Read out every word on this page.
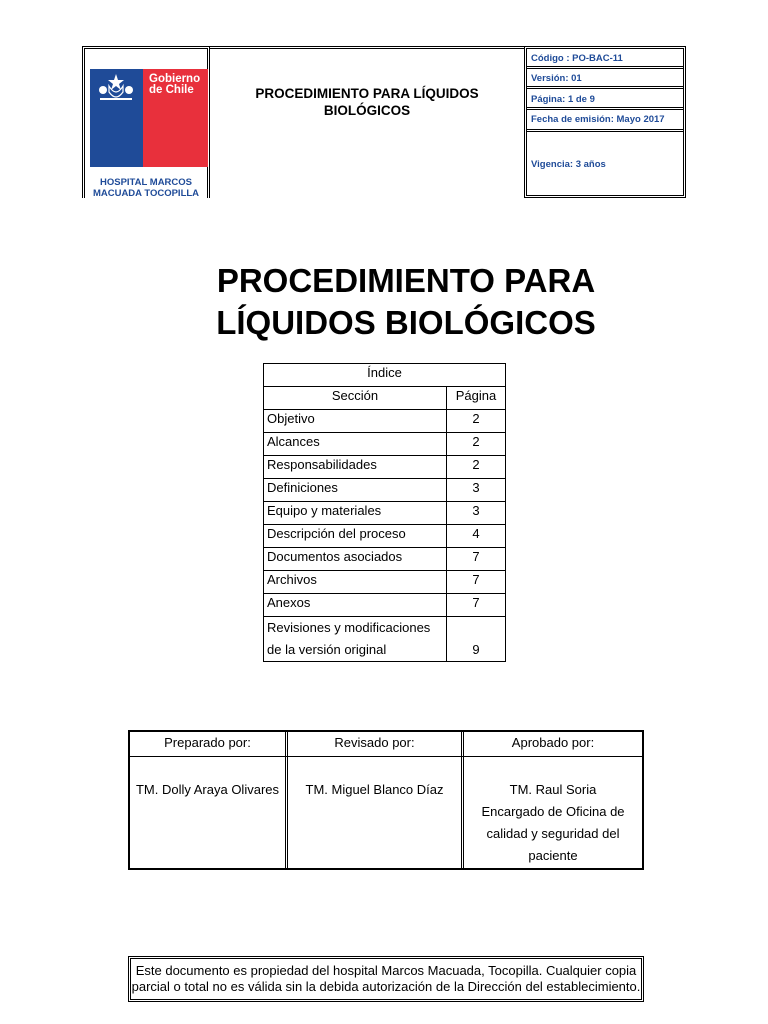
Gobierno
de Chile
HOSPITAL MARCOS
MACUADA TOCOPILLA
PROCEDIMIENTO PARA LÍQUIDOS
BIOLÓGICOS
Código : PO-BAC-11
Versión: 01
Página: 1 de 9
Fecha de emisión: Mayo 2017
Vigencia: 3 años
PROCEDIMIENTO PARA
LÍQUIDOS BIOLÓGICOS
Índice	
Sección	Página
Objetivo	2
Alcances	2
Responsabilidades	2
Definiciones	3
Equipo y materiales	3
Descripción del proceso	4
Documentos asociados	7
Archivos	7
Anexos	7

Revisiones y modificaciones
de la versión original	9
Preparado por:
TM. Dolly Araya Olivares
Revisado por:
TM. Miguel Blanco Díaz
Aprobado por:
TM. Raul Soria
Encargado de Oficina de
calidad y seguridad del
paciente
Este documento es propiedad del hospital Marcos Macuada, Tocopilla. Cualquier copia
parcial o total no es válida sin la debida autorización de la Dirección del establecimiento.
